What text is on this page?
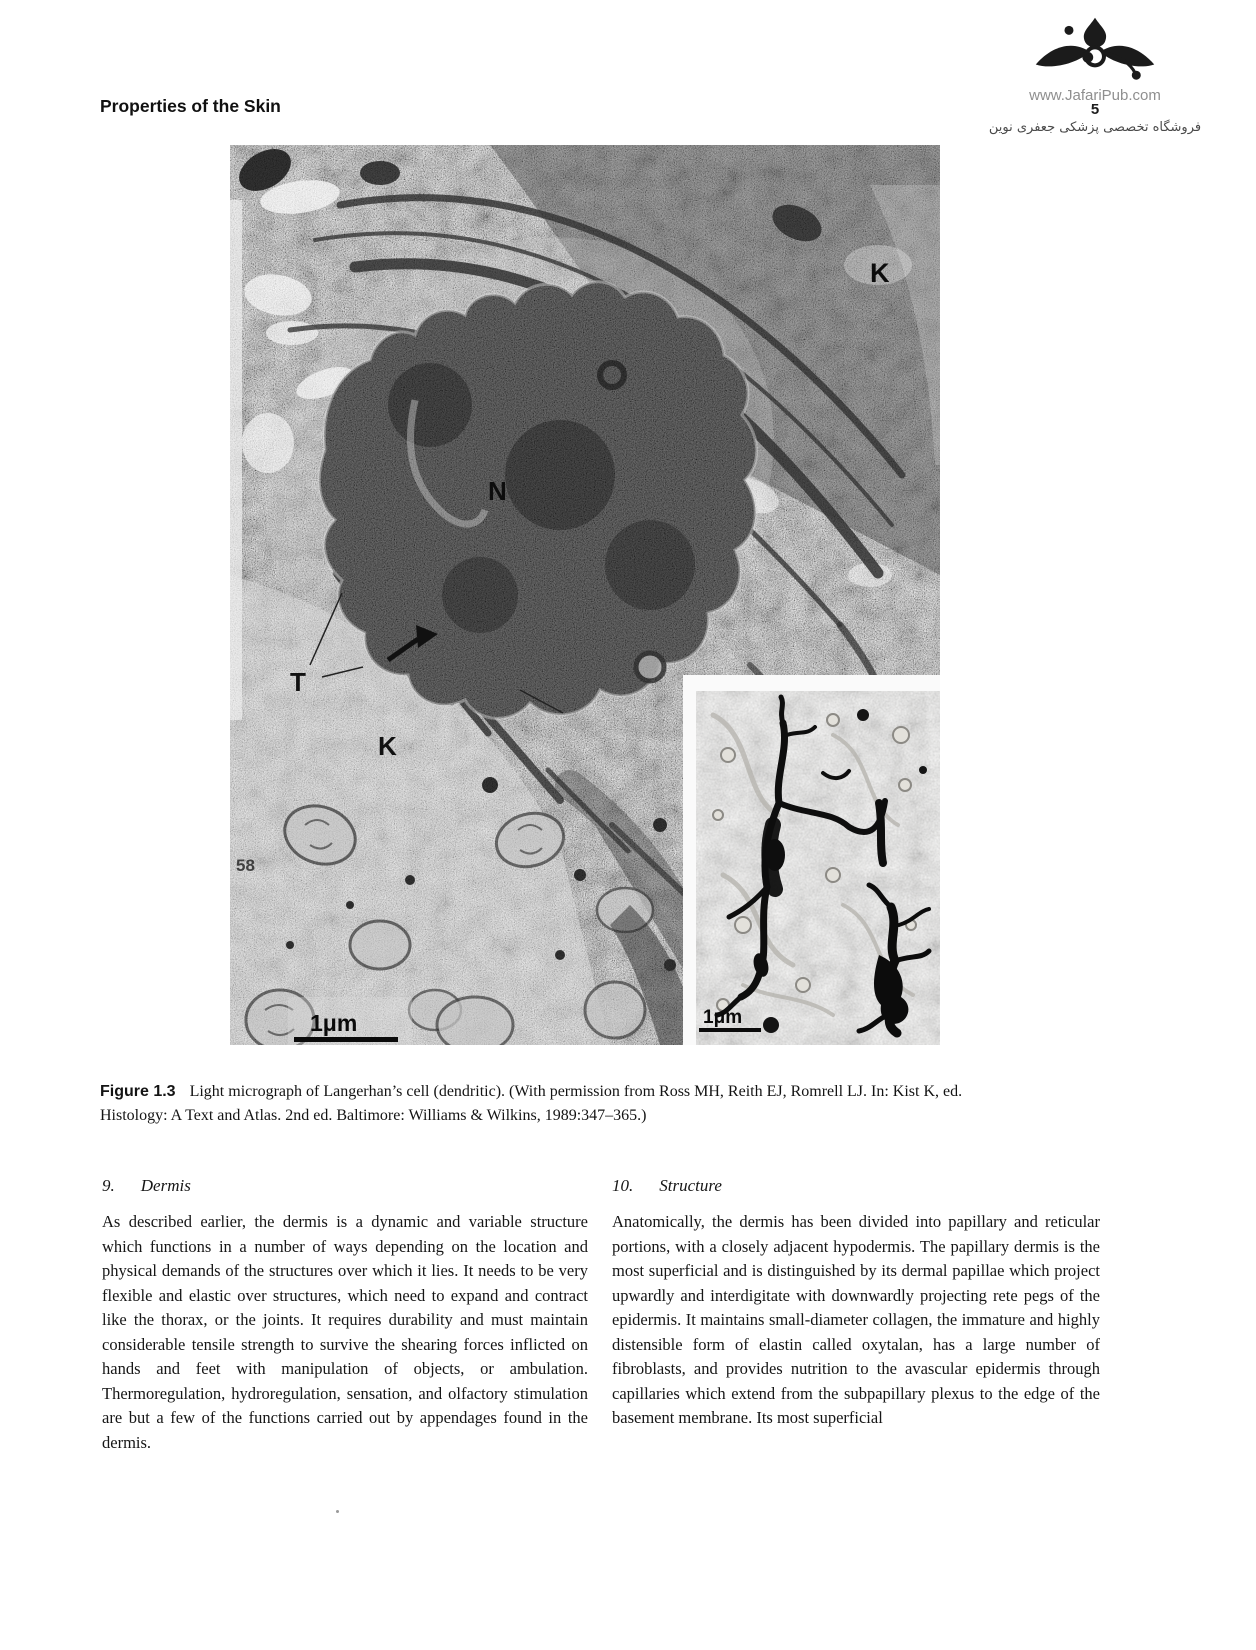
Properties of the Skin
www.JafariPub.com
5
فروشگاه تخصصی پزشکی جعفری نوین
1μm
K
N
T
K
58
1μm
Figure 1.3 Light micrograph of Langerhan’s cell (dendritic). (With permission from Ross MH, Reith EJ, Romrell LJ. In: Kist K, ed.
Histology: A Text and Atlas. 2nd ed. Baltimore: Williams & Wilkins, 1989:347–365.)
9. Dermis

As described earlier, the dermis is a dynamic and variable structure which functions in a number of ways depending on the location and physical demands of the structures over which it lies. It needs to be very flexible and elastic over structures, which need to expand and contract like the thorax, or the joints. It requires durability and must maintain considerable tensile strength to survive the shearing forces inflicted on hands and feet with manipulation of objects, or ambulation. Thermoregulation, hydroregulation, sensation, and olfactory stimulation are but a few of the functions carried out by appendages found in the dermis.

10. Structure

Anatomically, the dermis has been divided into papillary and reticular portions, with a closely adjacent hypodermis. The papillary dermis is the most superficial and is distinguished by its dermal papillae which project upwardly and interdigitate with downwardly projecting rete pegs of the epidermis. It maintains small-diameter collagen, the immature and highly distensible form of elastin called oxytalan, has a large number of fibroblasts, and provides nutrition to the avascular epidermis through capillaries which extend from the subpapillary plexus to the edge of the basement membrane. Its most superficial
